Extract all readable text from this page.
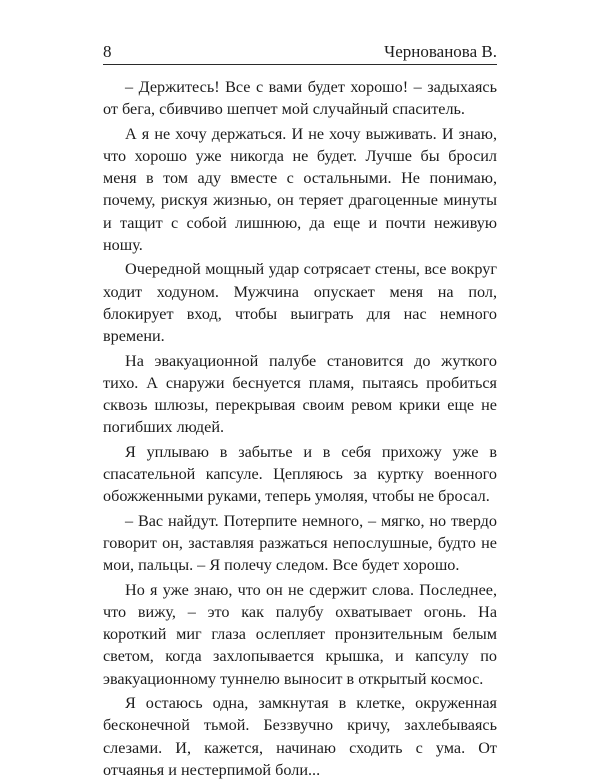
8	Чернованова В.

– Держитесь! Все с вами будет хорошо! – задыхаясь от бега, сбивчиво шепчет мой случайный спаситель.

А я не хочу держаться. И не хочу выживать. И знаю, что хорошо уже никогда не будет. Лучше бы бросил меня в том аду вместе с остальными. Не понимаю, почему, рискуя жизнью, он теряет драгоценные минуты и тащит с собой лишнюю, да еще и почти неживую ношу.

Очередной мощный удар сотрясает стены, все вокруг ходит ходуном. Мужчина опускает меня на пол, блокирует вход, чтобы выиграть для нас немного времени.

На эвакуационной палубе становится до жуткого тихо. А снаружи беснуется пламя, пытаясь пробиться сквозь шлюзы, перекрывая своим ревом крики еще не погибших людей.

Я уплываю в забытье и в себя прихожу уже в спасательной капсуле. Цепляюсь за куртку военного обожженными руками, теперь умоляя, чтобы не бросал.

– Вас найдут. Потерпите немного, – мягко, но твердо говорит он, заставляя разжаться непослушные, будто не мои, пальцы. – Я полечу следом. Все будет хорошо.

Но я уже знаю, что он не сдержит слова. Последнее, что вижу, – это как палубу охватывает огонь. На короткий миг глаза ослепляет пронзительным белым светом, когда захлопывается крышка, и капсулу по эвакуационному туннелю выносит в открытый космос.

Я остаюсь одна, замкнутая в клетке, окруженная бесконечной тьмой. Беззвучно кричу, захлебываясь слезами. И, кажется, начинаю сходить с ума. От отчаянья и нестерпимой боли...
